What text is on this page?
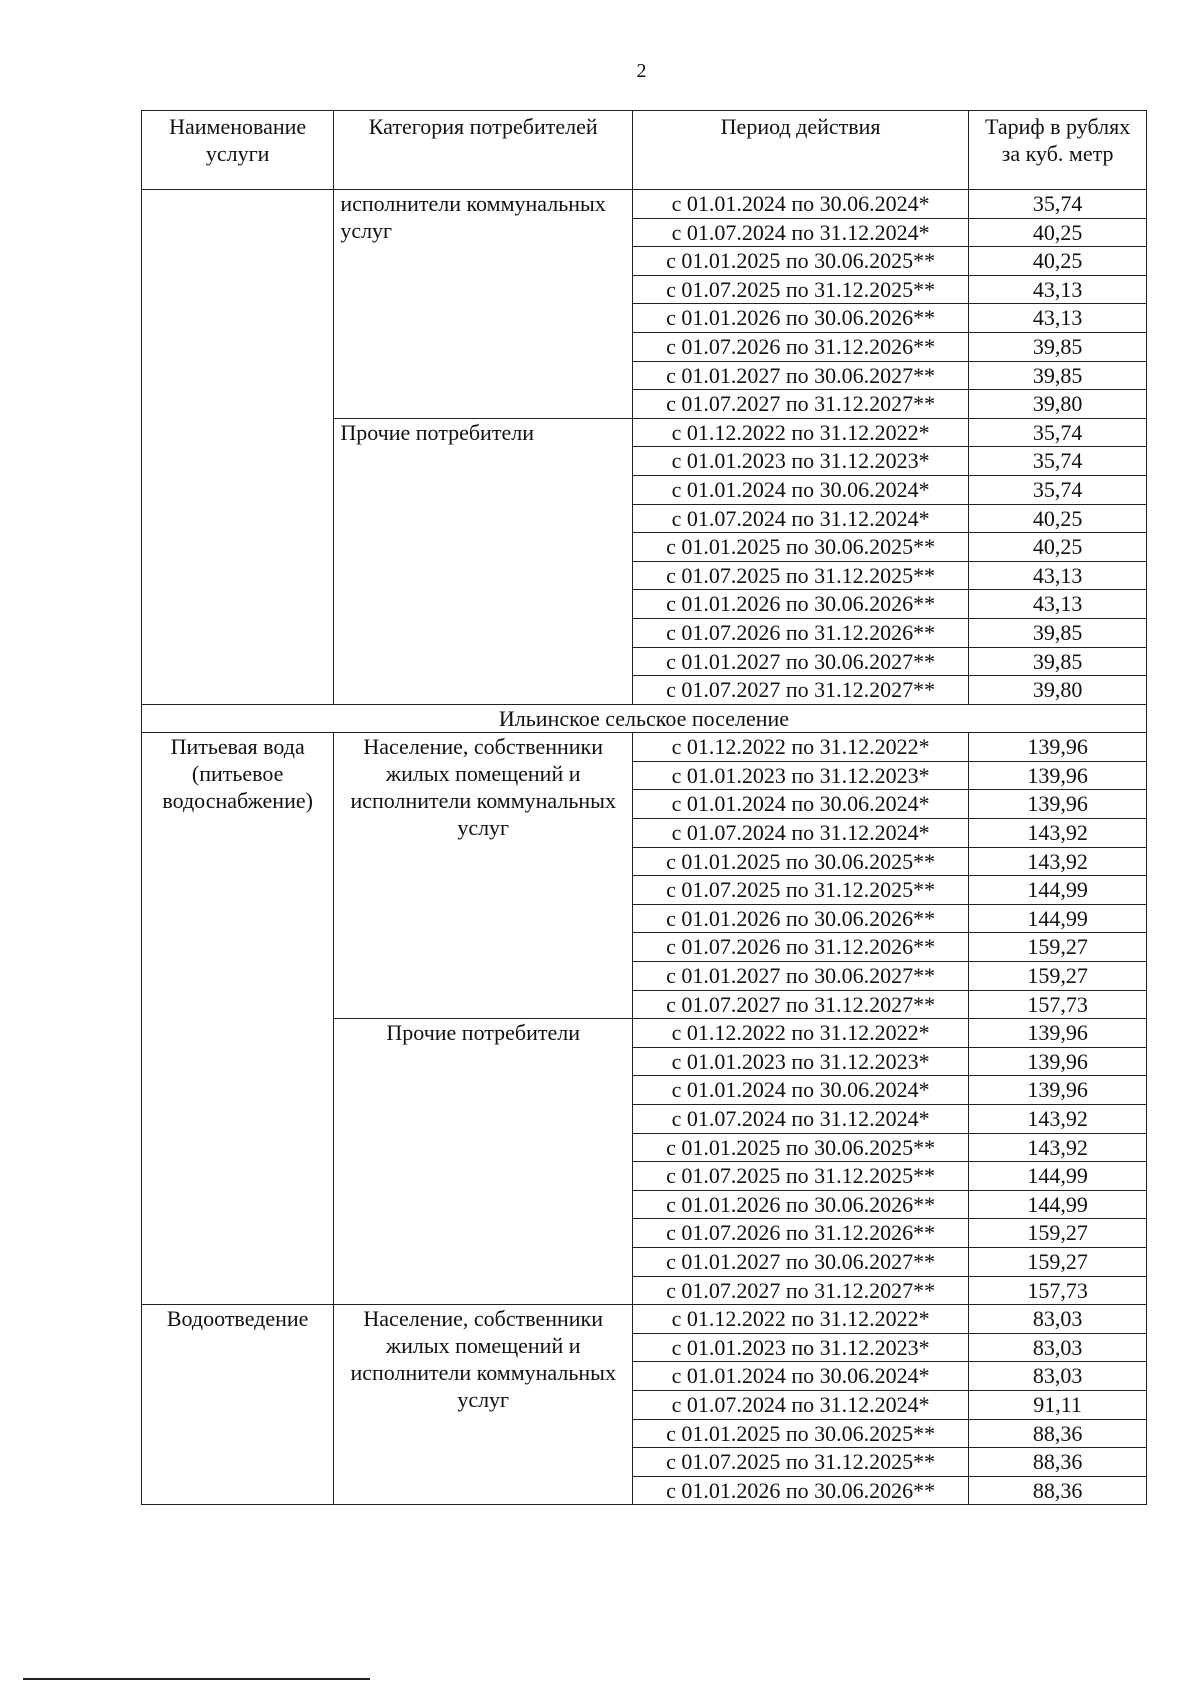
2
Наименование услуги	Категория потребителей	Период действия	Тариф в рублях за куб. метр
	исполнители коммунальных услуг	с 01.01.2024 по 30.06.2024*	35,74
		с 01.07.2024 по 31.12.2024*	40,25
		с 01.01.2025 по 30.06.2025**	40,25
		с 01.07.2025 по 31.12.2025**	43,13
		с 01.01.2026 по 30.06.2026**	43,13
		с 01.07.2026 по 31.12.2026**	39,85
		с 01.01.2027 по 30.06.2027**	39,85
		с 01.07.2027 по 31.12.2027**	39,80
	Прочие потребители	с 01.12.2022 по 31.12.2022*	35,74
		с 01.01.2023 по 31.12.2023*	35,74
		с 01.01.2024 по 30.06.2024*	35,74
		с 01.07.2024 по 31.12.2024*	40,25
		с 01.01.2025 по 30.06.2025**	40,25
		с 01.07.2025 по 31.12.2025**	43,13
		с 01.01.2026 по 30.06.2026**	43,13
		с 01.07.2026 по 31.12.2026**	39,85
		с 01.01.2027 по 30.06.2027**	39,85
		с 01.07.2027 по 31.12.2027**	39,80
Ильинское сельское поселение			
Питьевая вода (питьевое водоснабжение)	Население, собственники жилых помещений и исполнители коммунальных услуг	с 01.12.2022 по 31.12.2022*	139,96
		с 01.01.2023 по 31.12.2023*	139,96
		с 01.01.2024 по 30.06.2024*	139,96
		с 01.07.2024 по 31.12.2024*	143,92
		с 01.01.2025 по 30.06.2025**	143,92
		с 01.07.2025 по 31.12.2025**	144,99
		с 01.01.2026 по 30.06.2026**	144,99
		с 01.07.2026 по 31.12.2026**	159,27
		с 01.01.2027 по 30.06.2027**	159,27
		с 01.07.2027 по 31.12.2027**	157,73
	Прочие потребители	с 01.12.2022 по 31.12.2022*	139,96
		с 01.01.2023 по 31.12.2023*	139,96
		с 01.01.2024 по 30.06.2024*	139,96
		с 01.07.2024 по 31.12.2024*	143,92
		с 01.01.2025 по 30.06.2025**	143,92
		с 01.07.2025 по 31.12.2025**	144,99
		с 01.01.2026 по 30.06.2026**	144,99
		с 01.07.2026 по 31.12.2026**	159,27
		с 01.01.2027 по 30.06.2027**	159,27
		с 01.07.2027 по 31.12.2027**	157,73
Водоотведение	Население, собственники жилых помещений и исполнители коммунальных услуг	с 01.12.2022 по 31.12.2022*	83,03
		с 01.01.2023 по 31.12.2023*	83,03
		с 01.01.2024 по 30.06.2024*	83,03
		с 01.07.2024 по 31.12.2024*	91,11
		с 01.01.2025 по 30.06.2025**	88,36
		с 01.07.2025 по 31.12.2025**	88,36
		с 01.01.2026 по 30.06.2026**	88,36
